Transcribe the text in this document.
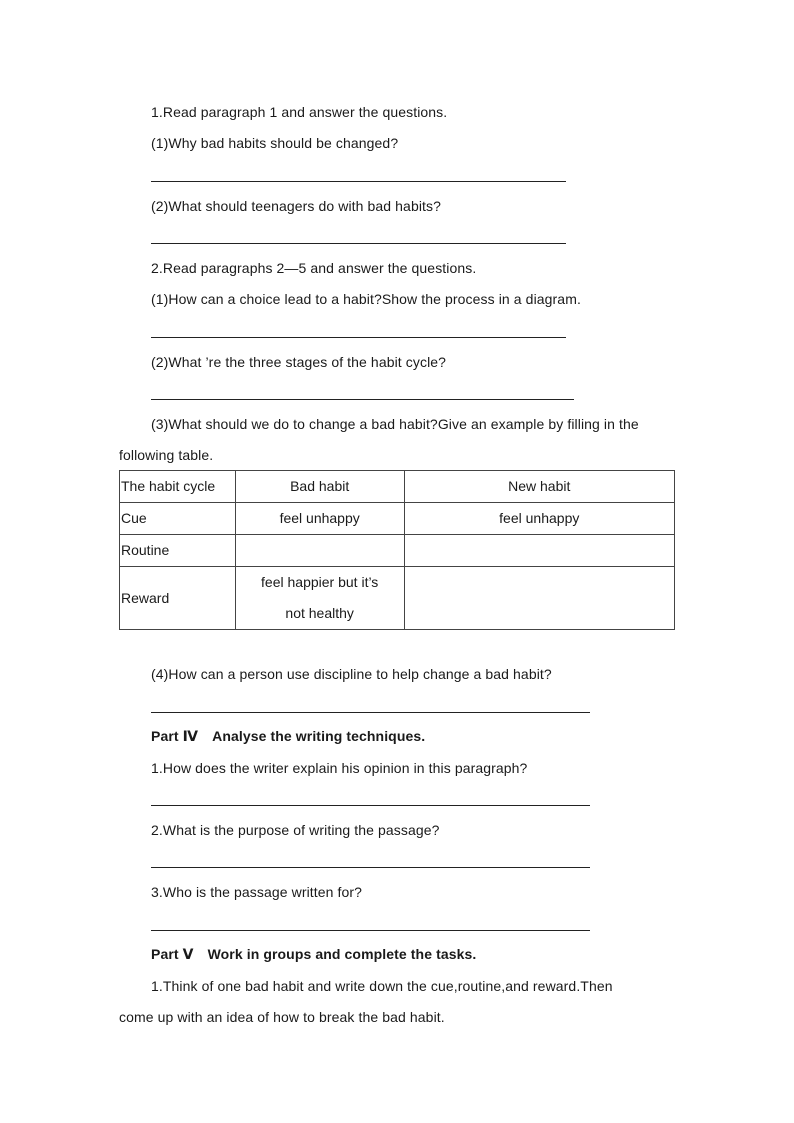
1.Read paragraph 1 and answer the questions.
(1)Why bad habits should be changed?
(2)What should teenagers do with bad habits?
2.Read paragraphs 2—5 and answer the questions.
(1)How can a choice lead to a habit?Show the process in a diagram.
(2)What ’re the three stages of the habit cycle?
(3)What should we do to change a bad habit?Give an example by filling in the
following table.
The habit cycle	Bad habit	New habit
Cue	feel unhappy	feel unhappy
Routine		
Reward	feel happier but it’s
not healthy	

(4)How can a person use discipline to help change a bad habit?
Part Ⅳ Analyse the writing techniques.
1.How does the writer explain his opinion in this paragraph?
2.What is the purpose of writing the passage?
3.Who is the passage written for?
Part Ⅴ Work in groups and complete the tasks.
1.Think of one bad habit and write down the cue,routine,and reward.Then
come up with an idea of how to break the bad habit.
